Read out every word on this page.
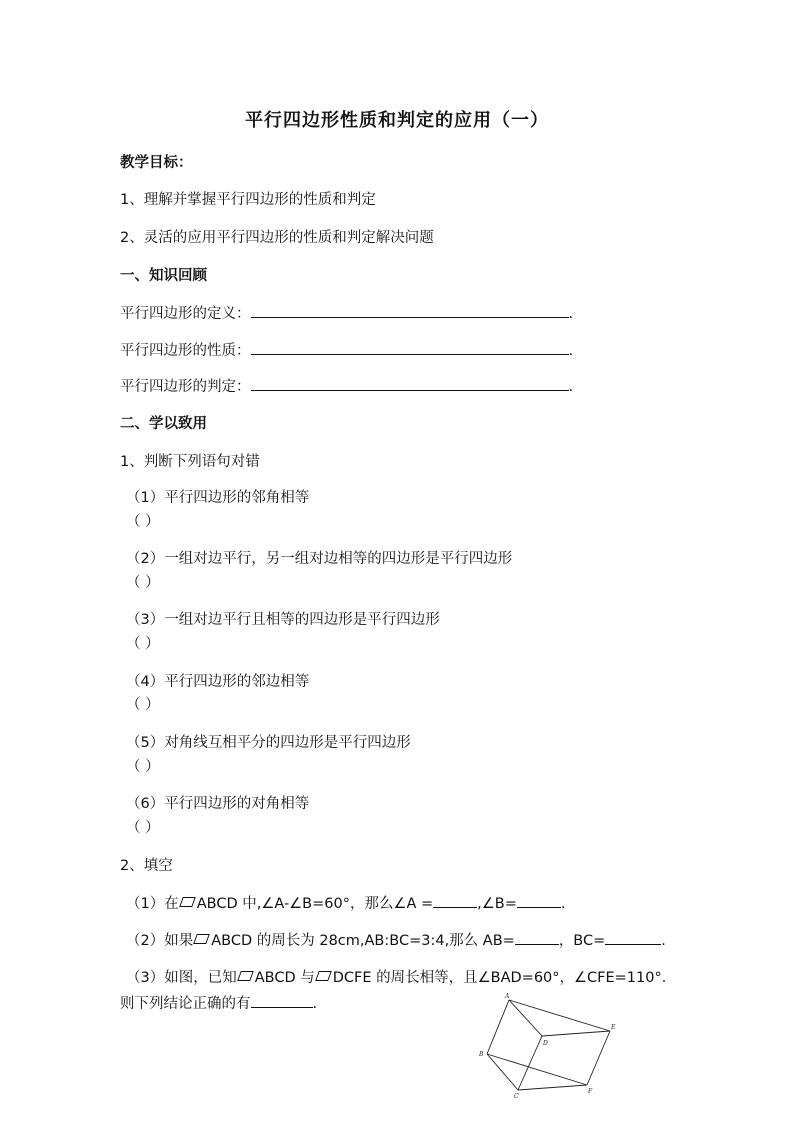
平行四边形性质和判定的应用（一）
教学目标：
1、理解并掌握平行四边形的性质和判定
2、灵活的应用平行四边形的性质和判定解决问题
一、知识回顾
平行四边形的定义：	.
平行四边形的性质：	.
平行四边形的判定：	.
二、学以致用
1、判断下列语句对错
（1）平行四边形的邻角相等
（ ）
（2）一组对边平行，另一组对边相等的四边形是平行四边形
（ ）
（3）一组对边平行且相等的四边形是平行四边形
（ ）
（4）平行四边形的邻边相等
（ ）
（5）对角线互相平分的四边形是平行四边形
（ ）
（6）平行四边形的对角相等
（ ）
2、填空
（1）在 ABCD 中,∠A-∠B=60°，那么∠A =	,∠B=	.
（2）如果 ABCD 的周长为 28cm,AB:BC=3:4,那么 AB=	，BC=	.
（3）如图，已知 ABCD 与 DCFE 的周长相等，且∠BAD=60°，∠CFE=110°．
则下列结论正确的有	.	A
B
C
D
E
F
